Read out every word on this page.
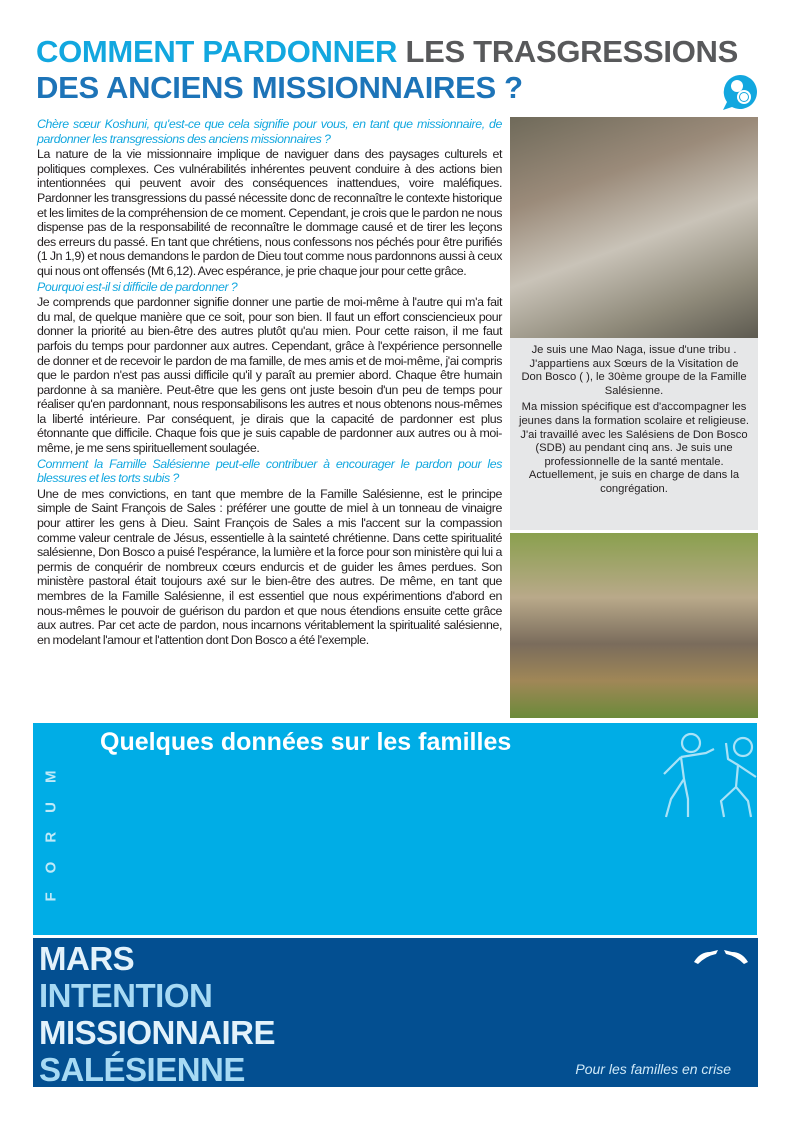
COMMENT PARDONNER LES TRASGRESSIONS
DES ANCIENS MISSIONNAIRES ?

Chère sœur Koshuni, qu'est-ce que cela signifie pour vous, en tant que missionnaire, de pardonner les transgressions des anciens missionnaires ?

La nature de la vie missionnaire implique de naviguer dans des paysages culturels et politiques complexes. Ces vulnérabilités inhérentes peuvent conduire à des actions bien intentionnées qui peuvent avoir des conséquences inattendues, voire maléfiques. Pardonner les transgressions du passé nécessite donc de reconnaître le contexte historique et les limites de la compréhension de ce moment. Cependant, je crois que le pardon ne nous dispense pas de la responsabilité de reconnaître le dommage causé et de tirer les leçons des erreurs du passé. En tant que chrétiens, nous confessons nos péchés pour être purifiés (1 Jn 1,9) et nous demandons le pardon de Dieu tout comme nous pardonnons aussi à ceux qui nous ont offensés (Mt 6,12). Avec espérance, je prie chaque jour pour cette grâce.

Pourquoi est-il si difficile de pardonner ?

Je comprends que pardonner signifie donner une partie de moi-même à l'autre qui m'a fait du mal, de quelque manière que ce soit, pour son bien. Il faut un effort consciencieux pour donner la priorité au bien-être des autres plutôt qu'au mien. Pour cette raison, il me faut parfois du temps pour pardonner aux autres. Cependant, grâce à l'expérience personnelle de donner et de recevoir le pardon de ma famille, de mes amis et de moi-même, j'ai compris que le pardon n'est pas aussi difficile qu'il y paraît au premier abord. Chaque être humain pardonne à sa manière. Peut-être que les gens ont juste besoin d'un peu de temps pour réaliser qu'en pardonnant, nous responsabilisons les autres et nous obtenons nous-mêmes la liberté intérieure. Par conséquent, je dirais que la capacité de pardonner est plus étonnante que difficile. Chaque fois que je suis capable de pardonner aux autres ou à moi-même, je me sens spirituellement soulagée.

Comment la Famille Salésienne peut-elle contribuer à encourager le pardon pour les blessures et les torts subis ?

Une de mes convictions, en tant que membre de la Famille Salésienne, est le principe simple de Saint François de Sales : préférer une goutte de miel à un tonneau de vinaigre pour attirer les gens à Dieu. Saint François de Sales a mis l'accent sur la compassion comme valeur centrale de Jésus, essentielle à la sainteté chrétienne. Dans cette spiritualité salésienne, Don Bosco a puisé l'espérance, la lumière et la force pour son ministère qui lui a permis de conquérir de nombreux cœurs endurcis et de guider les âmes perdues. Son ministère pastoral était toujours axé sur le bien-être des autres. De même, en tant que membres de la Famille Salésienne, il est essentiel que nous expérimentions d'abord en nous-mêmes le pouvoir de guérison du pardon et que nous étendions ensuite cette grâce aux autres. Par cet acte de pardon, nous incarnons véritablement la spiritualité salésienne, en modelant l'amour et l'attention dont Don Bosco a été l'exemple.

Je suis une Mao Naga, issue d'une tribu . J'appartiens aux Sœurs de la Visitation de Don Bosco ( ), le 30ème groupe de la Famille Salésienne.

Ma mission spécifique est d'accompagner les jeunes dans la formation scolaire et religieuse. J'ai travaillé avec les Salésiens de Don Bosco (SDB) au pendant cinq ans. Je suis une professionnelle de la santé mentale. Actuellement, je suis en charge de dans la congrégation.

FORUM
Quelques données sur les familles
MARS
INTENTION
MISSIONNAIRE
SALÉSIENNE	Pour les familles en crise
